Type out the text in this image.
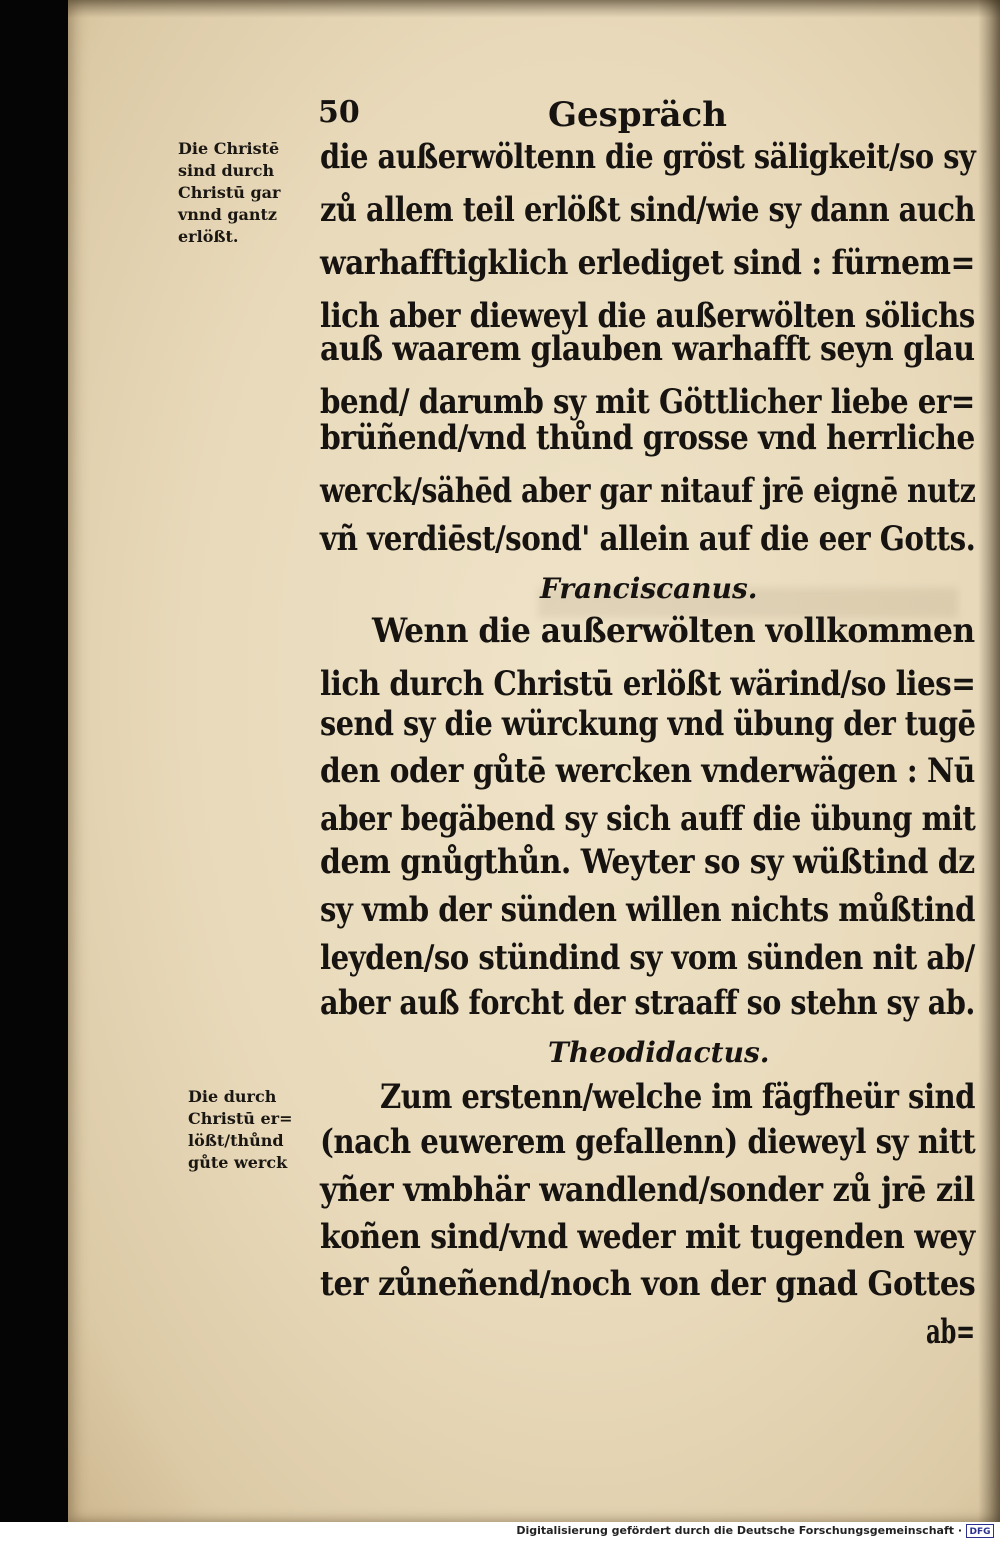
50	Gespräch
Die Christē
sind durch
Christū gar
vnnd gantz
erlößt.
Die durch
Christū er=
lößt/thůnd
gůte werck
die außerwöltenn die gröst säligkeit/so sy
zů allem teil erlößt sind/wie sy dann auch
warhafftigklich erlediget sind : fürnem=
lich aber dieweyl die außerwölten sölichs
auß waarem glauben warhafft seyn glau
bend/ darumb sy mit Göttlicher liebe er=
brüñend/vnd thůnd grosse vnd herrliche
werck/sähēd aber gar nitauf jrē eignē nutz
vñ verdiēst/sond' allein auf die eer Gotts.
Franciscanus.
Wenn die außerwölten vollkommen
lich durch Christū erlößt wärind/so lies=
send sy die würckung vnd übung der tugē
den oder gůtē wercken vnderwägen : Nū
aber begäbend sy sich auff die übung mit
dem gnůgthůn. Weyter so sy wüßtind dz
sy vmb der sünden willen nichts můßtind
leyden/so stündind sy vom sünden nit ab/
aber auß forcht der straaff so stehn sy ab.
Theodidactus.
Zum erstenn/welche im fägfheür sind
(nach euwerem gefallenn) dieweyl sy nitt
yñer vmbhär wandlend/sonder zů jrē zil
koñen sind/vnd weder mit tugenden wey
ter zůneñend/noch von der gnad Gottes
ab=
Digitalisierung gefördert durch die Deutsche Forschungsgemeinschaft · DFG
